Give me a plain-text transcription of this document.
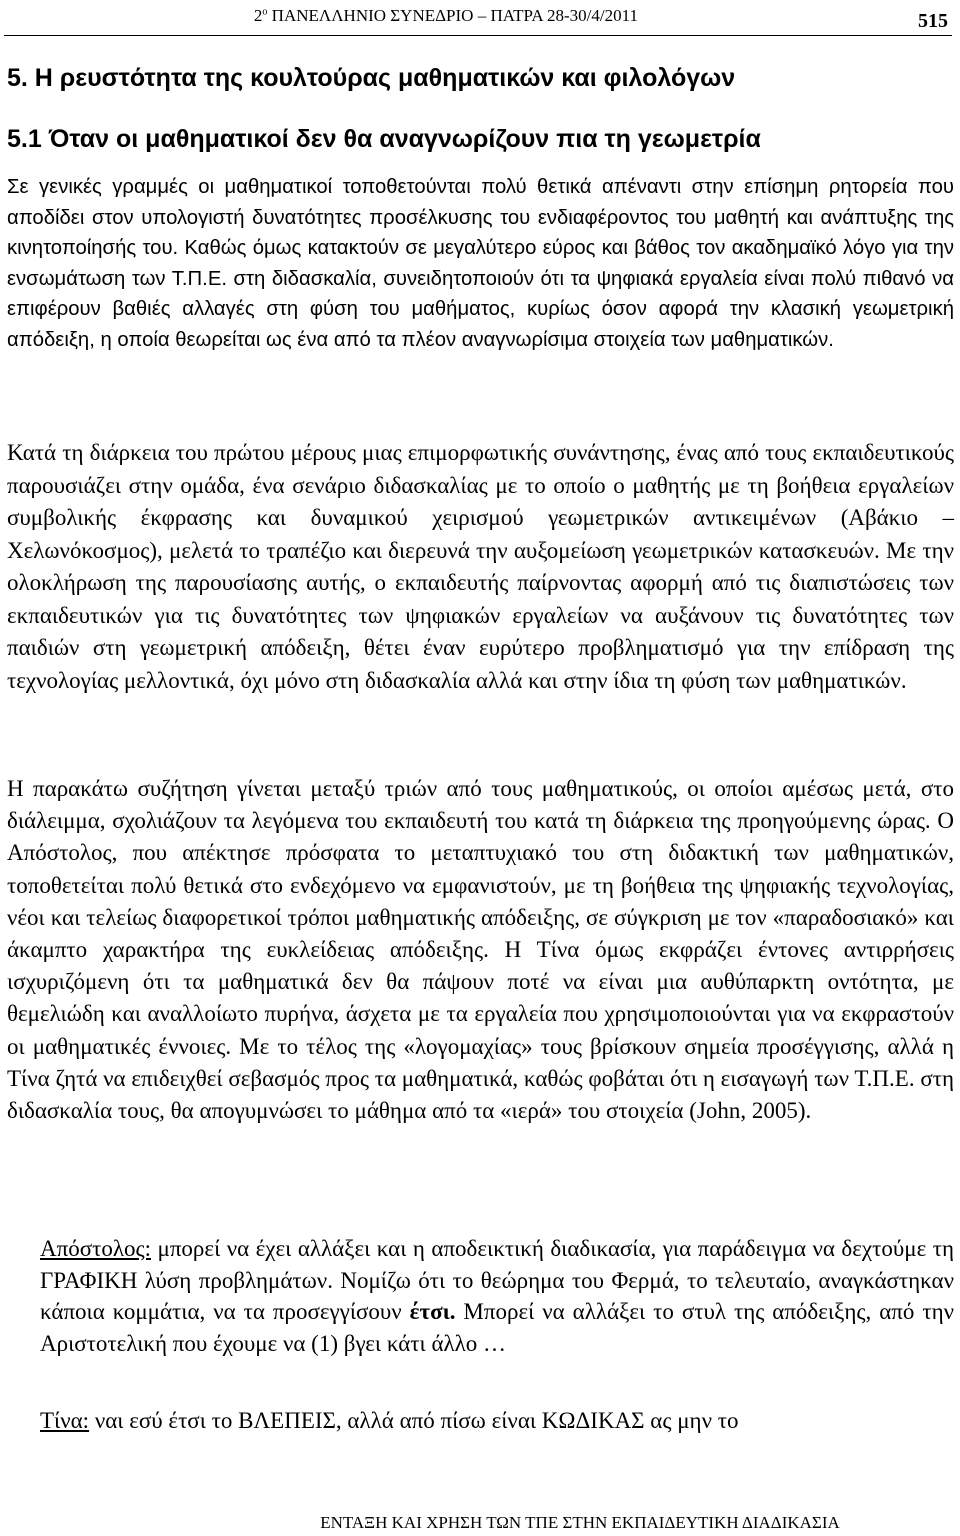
$2^o$ ΠΑΝΕΛΛΗΝΙΟ ΣΥΝΕΔΡΙΟ – ΠΑΤΡΑ 28-30/4/2011	515
5. Η ρευστότητα της κουλτούρας μαθηματικών και φιλολόγων
5.1 Όταν οι μαθηματικοί δεν θα αναγνωρίζουν πια τη γεωμετρία

Σε γενικές γραμμές οι μαθηματικοί τοποθετούνται πολύ θετικά απέναντι στην επίσημη ρητορεία που αποδίδει στον υπολογιστή δυνατότητες προσέλκυσης του ενδιαφέροντος του μαθητή και ανάπτυξης της κινητοποίησής του. Καθώς όμως κατακτούν σε μεγαλύτερο εύρος και βάθος τον ακαδημαϊκό λόγο για την ενσωμάτωση των Τ.Π.Ε. στη διδασκαλία, συνειδητοποιούν ότι τα ψηφιακά εργαλεία είναι πολύ πιθανό να επιφέρουν βαθιές αλλαγές στη φύση του μαθήματος, κυρίως όσον αφορά την κλασική γεωμετρική απόδειξη, η οποία θεωρείται ως ένα από τα πλέον αναγνωρίσιμα στοιχεία των μαθηματικών.

Κατά τη διάρκεια του πρώτου μέρους μιας επιμορφωτικής συνάντησης, ένας από τους εκπαιδευτικούς παρουσιάζει στην ομάδα, ένα σενάριο διδασκαλίας με το οποίο ο μαθητής με τη βοήθεια εργαλείων συμβολικής έκφρασης και δυναμικού χειρισμού γεωμετρικών αντικειμένων (Αβάκιο – Χελωνόκοσμος), μελετά το τραπέζιο και διερευνά την αυξομείωση γεωμετρικών κατασκευών. Με την ολοκλήρωση της παρουσίασης αυτής, ο εκπαιδευτής παίρνοντας αφορμή από τις διαπιστώσεις των εκπαιδευτικών για τις δυνατότητες των ψηφιακών εργαλείων να αυξάνουν τις δυνατότητες των παιδιών στη γεωμετρική απόδειξη, θέτει έναν ευρύτερο προβληματισμό για την επίδραση της τεχνολογίας μελλοντικά, όχι μόνο στη διδασκαλία αλλά και στην ίδια τη φύση των μαθηματικών.

Η παρακάτω συζήτηση γίνεται μεταξύ τριών από τους μαθηματικούς, οι οποίοι αμέσως μετά, στο διάλειμμα, σχολιάζουν τα λεγόμενα του εκπαιδευτή του κατά τη διάρκεια της προηγούμενης ώρας. Ο Απόστολος, που απέκτησε πρόσφατα το μεταπτυχιακό του στη διδακτική των μαθηματικών, τοποθετείται πολύ θετικά στο ενδεχόμενο να εμφανιστούν, με τη βοήθεια της ψηφιακής τεχνολογίας, νέοι και τελείως διαφορετικοί τρόποι μαθηματικής απόδειξης, σε σύγκριση με τον «παραδοσιακό» και άκαμπτο χαρακτήρα της ευκλείδειας απόδειξης. Η Τίνα όμως εκφράζει έντονες αντιρρήσεις ισχυριζόμενη ότι τα μαθηματικά δεν θα πάψουν ποτέ να είναι μια αυθύπαρκτη οντότητα, με θεμελιώδη και αναλλοίωτο πυρήνα, άσχετα με τα εργαλεία που χρησιμοποιούνται για να εκφραστούν οι μαθηματικές έννοιες. Με το τέλος της «λογομαχίας» τους βρίσκουν σημεία προσέγγισης, αλλά η Τίνα ζητά να επιδειχθεί σεβασμός προς τα μαθηματικά, καθώς φοβάται ότι η εισαγωγή των Τ.Π.Ε. στη διδασκαλία τους, θα απογυμνώσει το μάθημα από τα «ιερά» του στοιχεία (John, 2005).

Απόστολος: μπορεί να έχει αλλάξει και η αποδεικτική διαδικασία, για παράδειγμα να δεχτούμε τη ΓΡΑΦΙΚΗ λύση προβλημάτων. Νομίζω ότι το θεώρημα του Φερμά, το τελευταίο, αναγκάστηκαν κάποια κομμάτια, να τα προσεγγίσουν έτσι. Μπορεί να αλλάξει το στυλ της απόδειξης, από την Αριστοτελική που έχουμε να (1) βγει κάτι άλλο …

Τίνα: ναι εσύ έτσι το ΒΛΕΠΕΙΣ, αλλά από πίσω είναι ΚΩΔΙΚΑΣ ας μην το

ΕΝΤΑΞΗ ΚΑΙ ΧΡΗΣΗ ΤΩΝ ΤΠΕ ΣΤΗΝ ΕΚΠΑΙΔΕΥΤΙΚΗ ΔΙΑΔΙΚΑΣΙΑ
